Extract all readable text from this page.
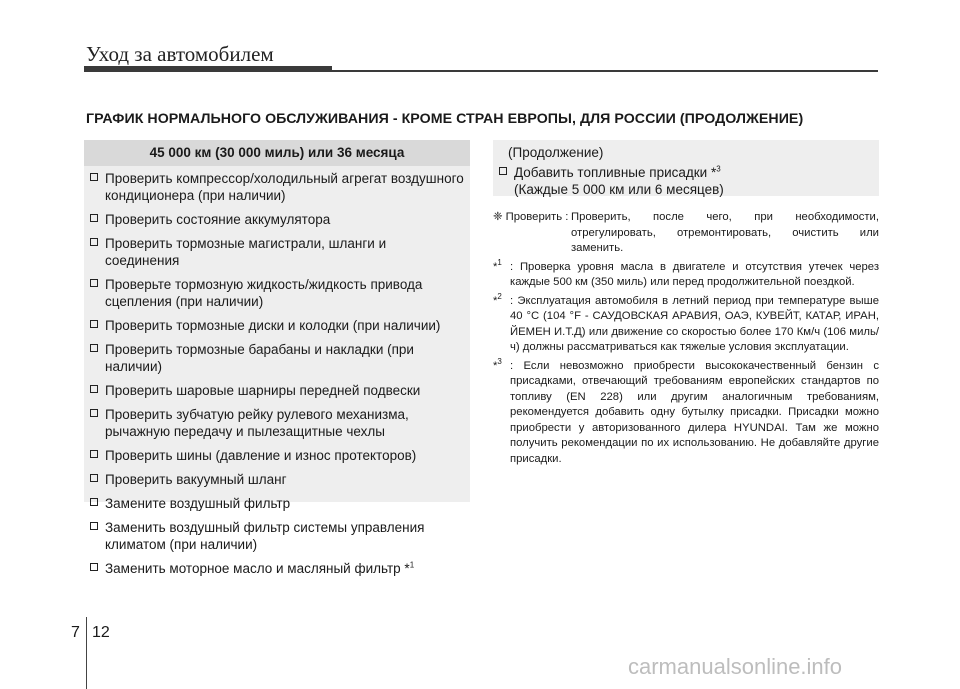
Уход за автомобилем
ГРАФИК НОРМАЛЬНОГО ОБСЛУЖИВАНИЯ - КРОМЕ СТРАН ЕВРОПЫ, ДЛЯ РОССИИ (ПРОДОЛЖЕНИЕ)
45 000 км (30 000 миль) или 36 месяца
Проверить компрессор/холодильный агрегат воздушного кондиционера (при наличии)
Проверить состояние аккумулятора
Проверить тормозные магистрали, шланги и соединения
Проверьте тормозную жидкость/жидкость привода сцепления (при наличии)
Проверить тормозные диски и колодки (при наличии)
Проверить тормозные барабаны и накладки (при наличии)
Проверить шаровые шарниры передней подвески
Проверить зубчатую рейку рулевого механизма, рычажную передачу и пылезащитные чехлы
Проверить шины (давление и износ протекторов)
Проверить вакуумный шланг
Замените воздушный фильтр
Заменить воздушный фильтр системы управления климатом (при наличии)
Заменить моторное масло и масляный фильтр *$^1$
(Продолжение)
Добавить топливные присадки *$^3$
(Каждые 5 000 км или 6 месяцев)
❈ Проверить : Проверить, после чего, при необходимости, отрегулировать, отремонтировать, очистить или заменить.
*$^1$ : Проверка уровня масла в двигателе и отсутствия утечек через каждые 500 км (350 миль) или перед продолжительной поездкой.
*$^2$ : Эксплуатация автомобиля в летний период при температуре выше 40 °C (104 °F - САУДОВСКАЯ АРАВИЯ, ОАЭ, КУВЕЙТ, КАТАР, ИРАН, ЙЕМЕН И.Т.Д) или движение со скоростью более 170 Км/ч (106 миль/ч) должны рассматриваться как тяжелые условия эксплуатации.
*$^3$ : Если невозможно приобрести высококачественный бензин с присадками, отвечающий требованиям европейских стандартов по топливу (EN 228) или другим аналогичным требованиям, рекомендуется добавить одну бутылку присадки. Присадки можно приобрести у авторизованного дилера HYUNDAI. Там же можно получить рекомендации по их использованию. Не добавляйте другие присадки.
7 12
carmanualsonline.info
